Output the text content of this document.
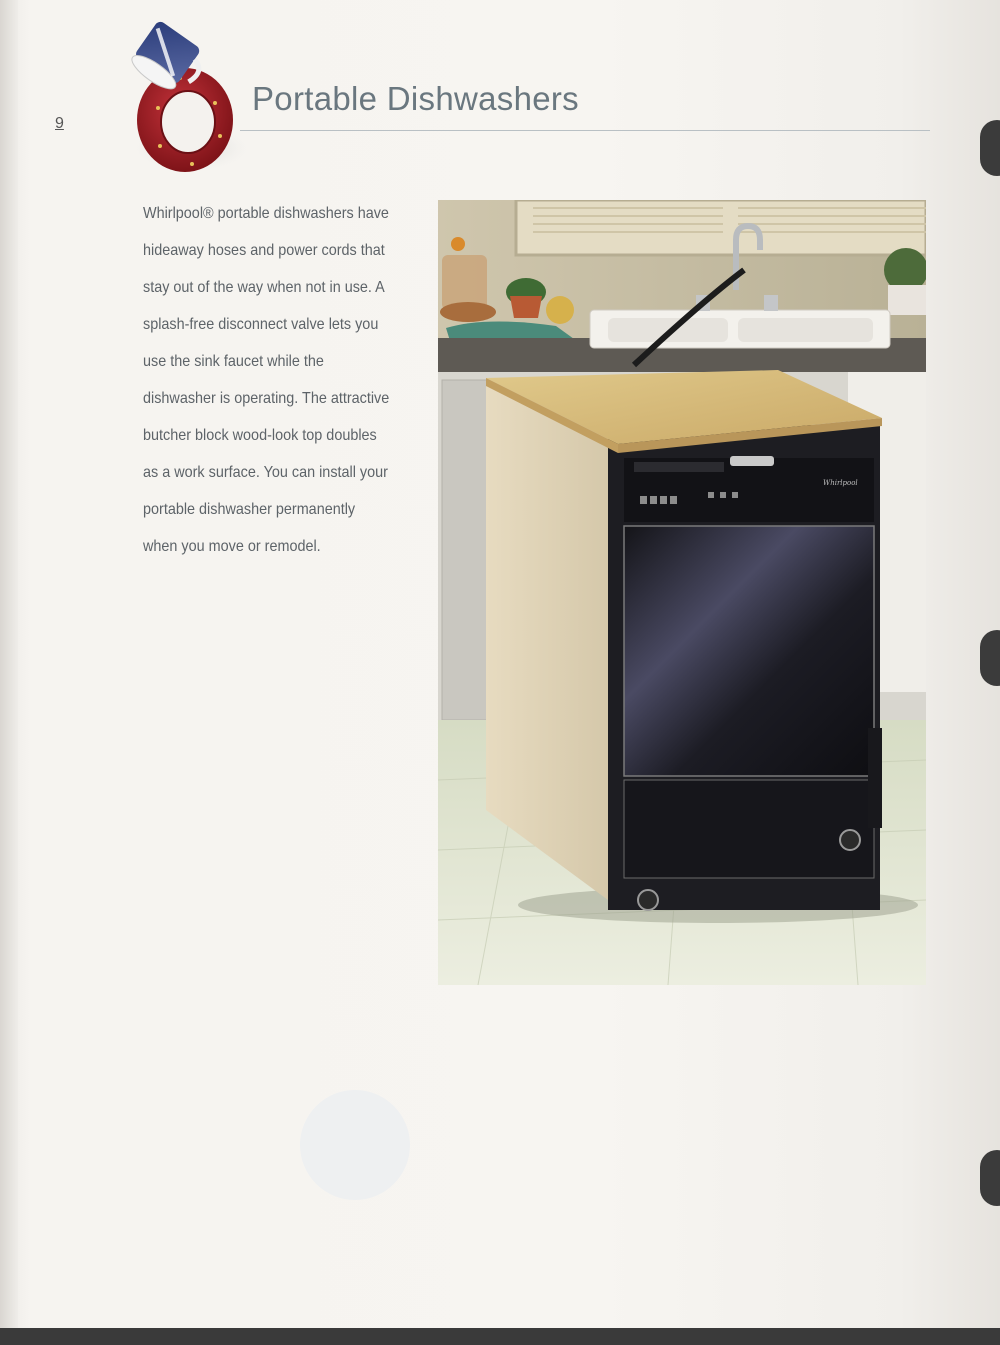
9
Portable Dishwashers
Whirlpool® portable dishwashers have
hideaway hoses and power cords that
stay out of the way when not in use. A
splash-free disconnect valve lets you
use the sink faucet while the
dishwasher is operating. The attractive
butcher block wood-look top doubles
as a work surface. You can install your
portable dishwasher permanently
when you move or remodel.
Whirlpool
